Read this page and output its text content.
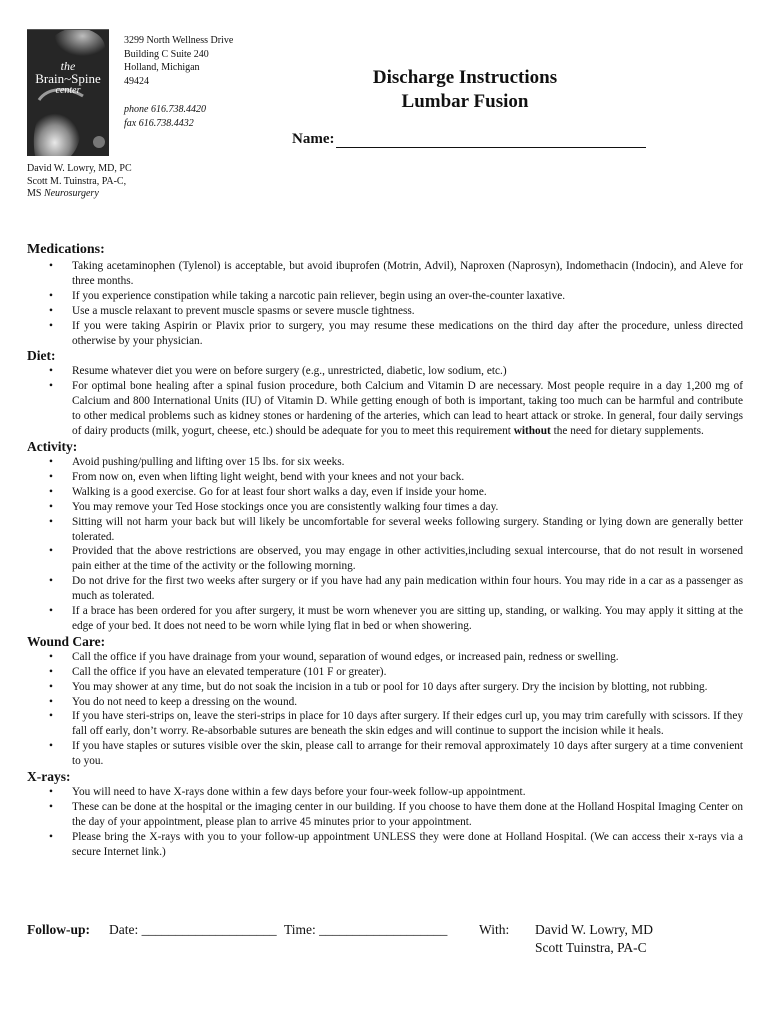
the
Brain~Spine
center
3299 North Wellness Drive
Building C Suite 240
Holland, Michigan
49424
phone 616.738.4420
fax 616.738.4432
Discharge Instructions
Lumbar Fusion
Name:
David W. Lowry, MD, PC
Scott M. Tuinstra, PA-C,
MS Neurosurgery
Medications:
• Taking acetaminophen (Tylenol) is acceptable, but avoid ibuprofen (Motrin, Advil), Naproxen (Naprosyn), Indomethacin (Indocin), and Aleve for three months.
• If you experience constipation while taking a narcotic pain reliever, begin using an over-the-counter laxative.
• Use a muscle relaxant to prevent muscle spasms or severe muscle tightness.
• If you were taking Aspirin or Plavix prior to surgery, you may resume these medications on the third day after the procedure, unless directed otherwise by your physician.
Diet:
• Resume whatever diet you were on before surgery (e.g., unrestricted, diabetic, low sodium, etc.)
• For optimal bone healing after a spinal fusion procedure, both Calcium and Vitamin D are necessary. Most people require in a day 1,200 mg of Calcium and 800 International Units (IU) of Vitamin D. While getting enough of both is important, taking too much can be harmful and contribute to other medical problems such as kidney stones or hardening of the arteries, which can lead to heart attack or stroke. In general, four daily servings of dairy products (milk, yogurt, cheese, etc.) should be adequate for you to meet this requirement without the need for dietary supplements.
Activity:
• Avoid pushing/pulling and lifting over 15 lbs. for six weeks.
• From now on, even when lifting light weight, bend with your knees and not your back.
• Walking is a good exercise. Go for at least four short walks a day, even if inside your home.
• You may remove your Ted Hose stockings once you are consistently walking four times a day.
• Sitting will not harm your back but will likely be uncomfortable for several weeks following surgery. Standing or lying down are generally better tolerated.
• Provided that the above restrictions are observed, you may engage in other activities,including sexual intercourse, that do not result in worsened pain either at the time of the activity or the following morning.
• Do not drive for the first two weeks after surgery or if you have had any pain medication within four hours. You may ride in a car as a passenger as much as tolerated.
• If a brace has been ordered for you after surgery, it must be worn whenever you are sitting up, standing, or walking. You may apply it sitting at the edge of your bed. It does not need to be worn while lying flat in bed or when showering.
Wound Care:
• Call the office if you have drainage from your wound, separation of wound edges, or increased pain, redness or swelling.
• Call the office if you have an elevated temperature (101 F or greater).
• You may shower at any time, but do not soak the incision in a tub or pool for 10 days after surgery. Dry the incision by blotting, not rubbing.
• You do not need to keep a dressing on the wound.
• If you have steri-strips on, leave the steri-strips in place for 10 days after surgery. If their edges curl up, you may trim carefully with scissors. If they fall off early, don’t worry. Re-absorbable sutures are beneath the skin edges and will continue to support the incision while it heals.
• If you have staples or sutures visible over the skin, please call to arrange for their removal approximately 10 days after surgery at a time convenient to you.
X-rays:
• You will need to have X-rays done within a few days before your four-week follow-up appointment.
• These can be done at the hospital or the imaging center in our building. If you choose to have them done at the Holland Hospital Imaging Center on the day of your appointment, please plan to arrive 45 minutes prior to your appointment.
• Please bring the X-rays with you to your follow-up appointment UNLESS they were done at Holland Hospital. (We can access their x-rays via a secure Internet link.)
Follow-up: Date: ____________________ Time: ___________________ With: David W. Lowry, MD
Scott Tuinstra, PA-C
